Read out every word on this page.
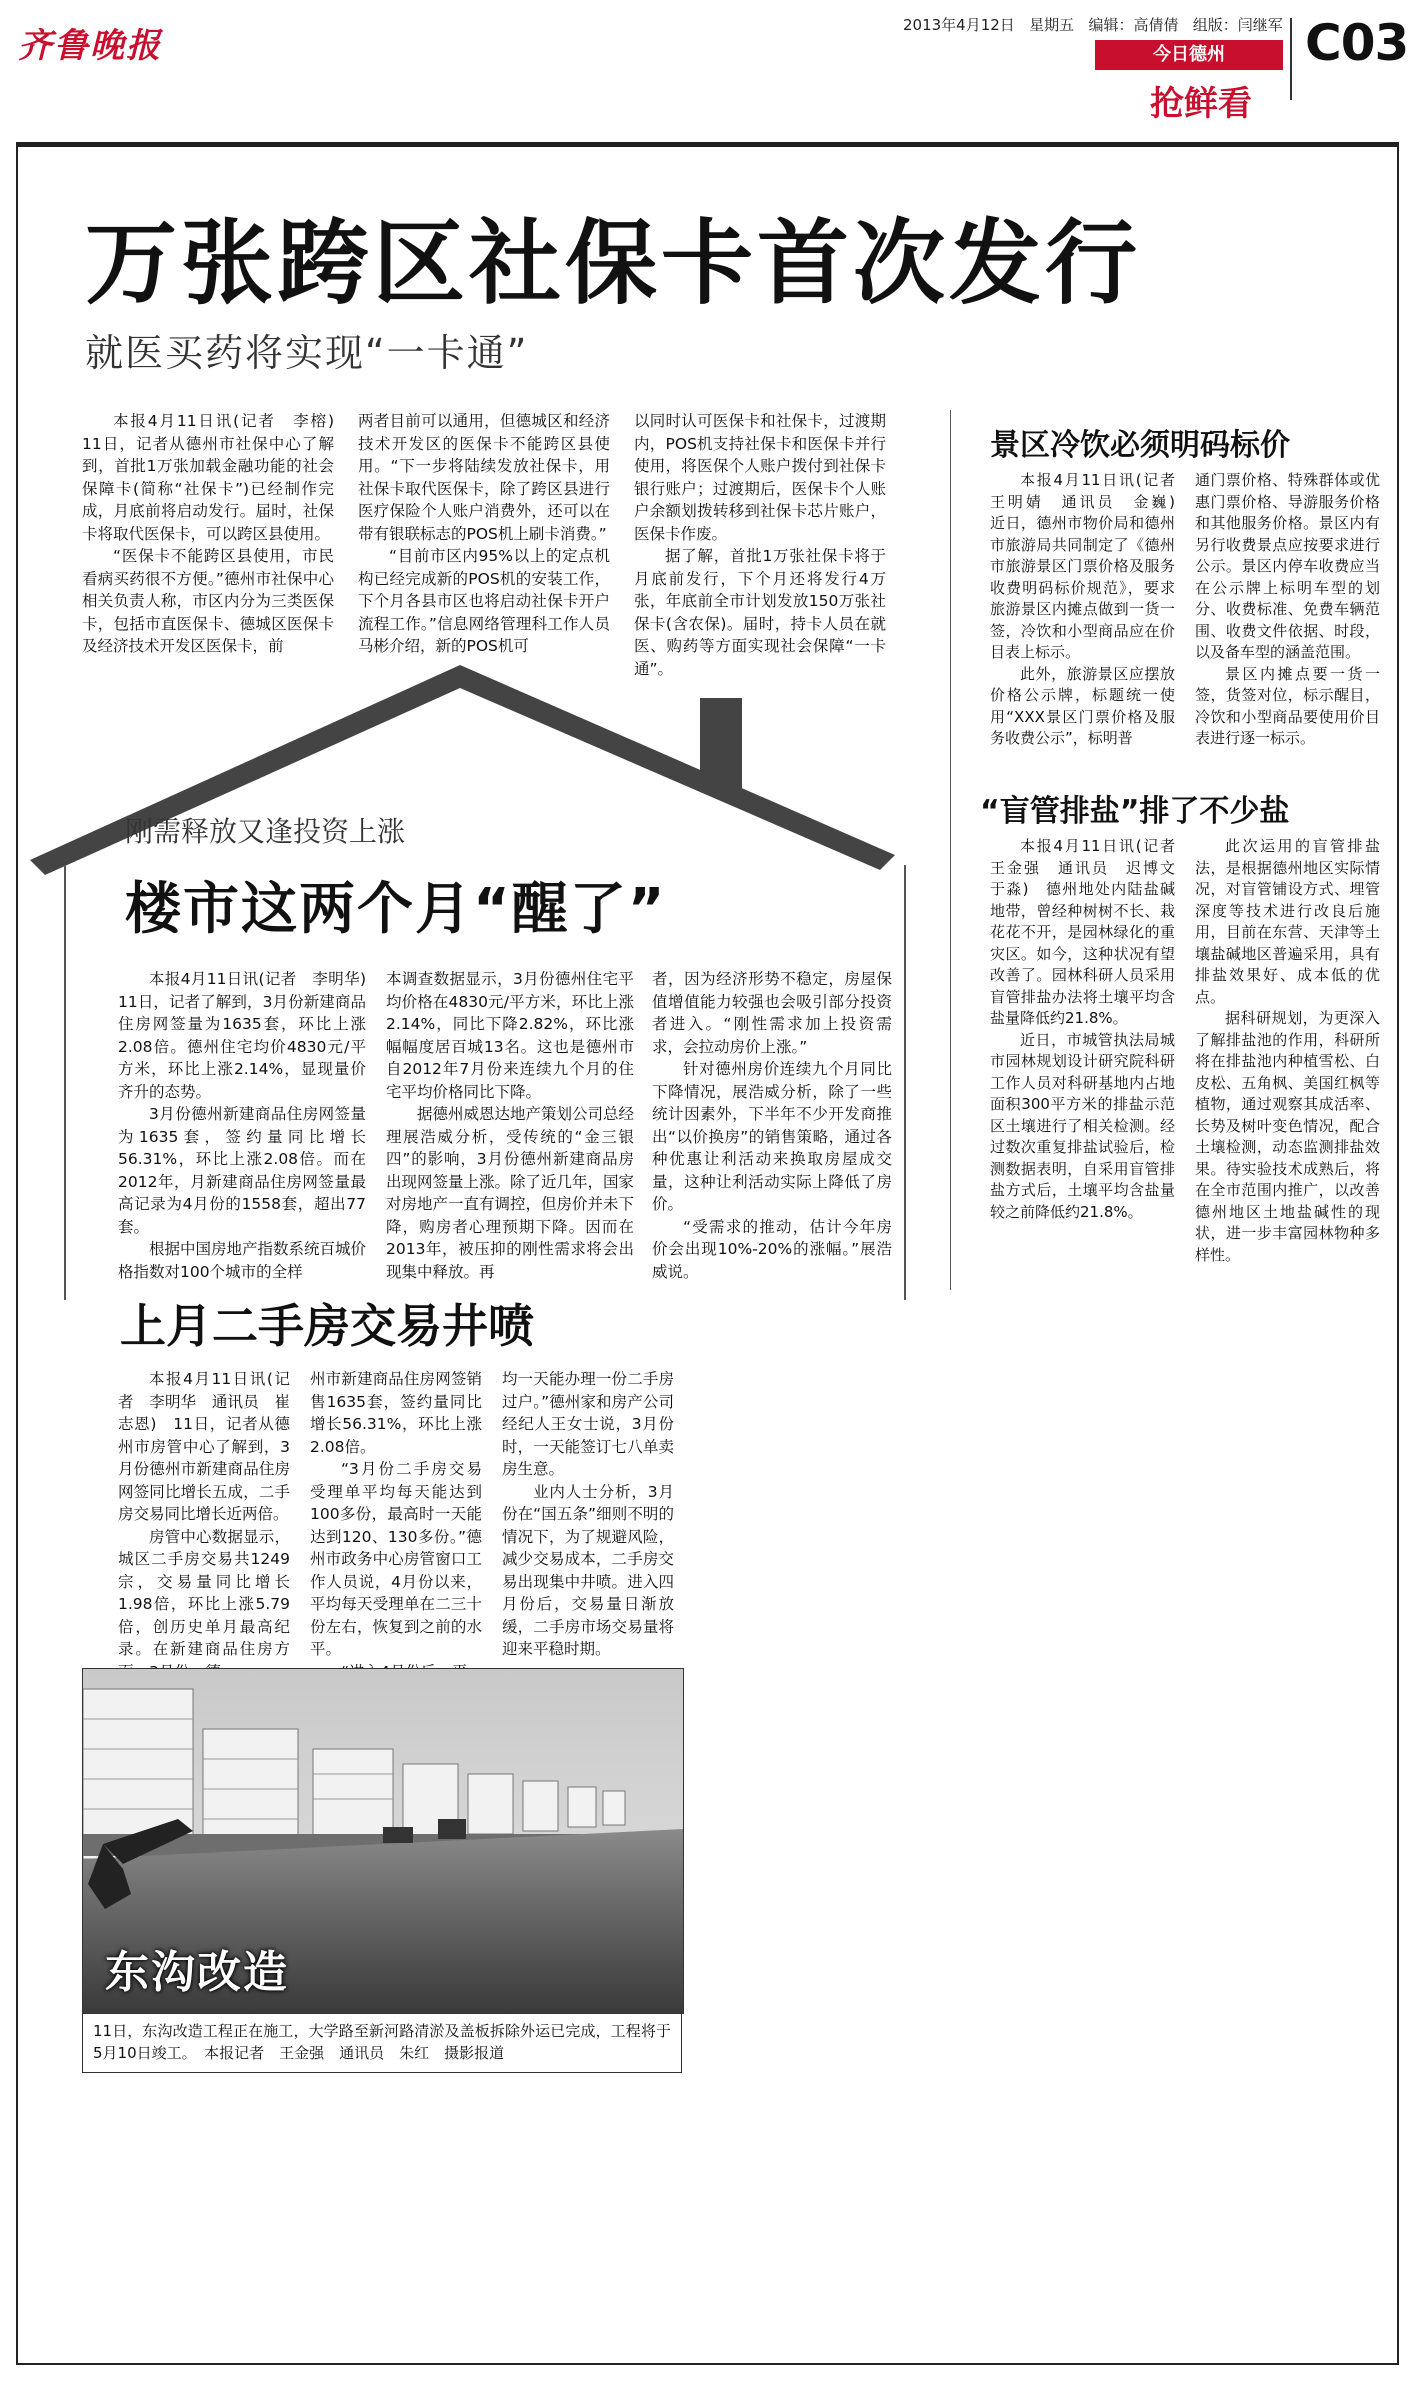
齐鲁晚报
2013年4月12日 星期五 编辑：高倩倩 组版：闫继军
今日德州
抢鲜看
C03
万张跨区社保卡首次发行
就医买药将实现“一卡通”

本报4月11日讯(记者　李榕)　11日，记者从德州市社保中心了解到，首批1万张加载金融功能的社会保障卡(简称“社保卡”)已经制作完成，月底前将启动发行。届时，社保卡将取代医保卡，可以跨区县使用。

“医保卡不能跨区县使用，市民看病买药很不方便。”德州市社保中心相关负责人称，市区内分为三类医保卡，包括市直医保卡、德城区医保卡及经济技术开发区医保卡，前

两者目前可以通用，但德城区和经济技术开发区的医保卡不能跨区县使用。“下一步将陆续发放社保卡，用社保卡取代医保卡，除了跨区县进行医疗保险个人账户消费外，还可以在带有银联标志的POS机上刷卡消费。”

“目前市区内95%以上的定点机构已经完成新的POS机的安装工作，下个月各县市区也将启动社保卡开户流程工作。”信息网络管理科工作人员马彬介绍，新的POS机可

以同时认可医保卡和社保卡，过渡期内，POS机支持社保卡和医保卡并行使用，将医保个人账户拨付到社保卡银行账户；过渡期后，医保卡个人账户余额划拨转移到社保卡芯片账户，医保卡作废。

据了解，首批1万张社保卡将于月底前发行，下个月还将发行4万张，年底前全市计划发放150万张社保卡(含农保)。届时，持卡人员在就医、购药等方面实现社会保障“一卡通”。

景区冷饮必须明码标价

本报4月11日讯(记者　王明婧　通讯员　金巍)　近日，德州市物价局和德州市旅游局共同制定了《德州市旅游景区门票价格及服务收费明码标价规范》，要求旅游景区内摊点做到一货一签，冷饮和小型商品应在价目表上标示。

此外，旅游景区应摆放价格公示牌，标题统一使用“XXX景区门票价格及服务收费公示”，标明普

通门票价格、特殊群体或优惠门票价格、导游服务价格和其他服务价格。景区内有另行收费景点应按要求进行公示。景区内停车收费应当在公示牌上标明车型的划分、收费标准、免费车辆范围、收费文件依据、时段，以及备车型的涵盖范围。

景区内摊点要一货一签，货签对位，标示醒目，冷饮和小型商品要使用价目表进行逐一标示。

“盲管排盐”排了不少盐

本报4月11日讯(记者　王金强　通讯员　迟博文　于淼)　德州地处内陆盐碱地带，曾经种树树不长、栽花花不开，是园林绿化的重灾区。如今，这种状况有望改善了。园林科研人员采用盲管排盐办法将土壤平均含盐量降低约21.8%。

近日，市城管执法局城市园林规划设计研究院科研工作人员对科研基地内占地面积300平方米的排盐示范区土壤进行了相关检测。经过数次重复排盐试验后，检测数据表明，自采用盲管排盐方式后，土壤平均含盐量较之前降低约21.8%。

此次运用的盲管排盐法，是根据德州地区实际情况，对盲管铺设方式、埋管深度等技术进行改良后施用，目前在东营、天津等土壤盐碱地区普遍采用，具有排盐效果好、成本低的优点。

据科研规划，为更深入了解排盐池的作用，科研所将在排盐池内种植雪松、白皮松、五角枫、美国红枫等植物，通过观察其成活率、长势及树叶变色情况，配合土壤检测，动态监测排盐效果。待实验技术成熟后，将在全市范围内推广，以改善德州地区土地盐碱性的现状，进一步丰富园林物种多样性。

刚需释放又逢投资上涨
楼市这两个月“醒了”

本报4月11日讯(记者　李明华)　11日，记者了解到，3月份新建商品住房网签量为1635套，环比上涨2.08倍。德州住宅均价4830元/平方米，环比上涨2.14%，显现量价齐升的态势。

3月份德州新建商品住房网签量为1635套，签约量同比增长56.31%，环比上涨2.08倍。而在2012年，月新建商品住房网签量最高记录为4月份的1558套，超出77套。

根据中国房地产指数系统百城价格指数对100个城市的全样

本调查数据显示，3月份德州住宅平均价格在4830元/平方米，环比上涨2.14%，同比下降2.82%，环比涨幅幅度居百城13名。这也是德州市自2012年7月份来连续九个月的住宅平均价格同比下降。

据德州威恩达地产策划公司总经理展浩威分析，受传统的“金三银四”的影响，3月份德州新建商品房出现网签量上涨。除了近几年，国家对房地产一直有调控，但房价并未下降，购房者心理预期下降。因而在2013年，被压抑的刚性需求将会出现集中释放。再

者，因为经济形势不稳定，房屋保值增值能力较强也会吸引部分投资者进入。“刚性需求加上投资需求，会拉动房价上涨。”

针对德州房价连续九个月同比下降情况，展浩威分析，除了一些统计因素外，下半年不少开发商推出“以价换房”的销售策略，通过各种优惠让利活动来换取房屋成交量，这种让利活动实际上降低了房价。

“受需求的推动，估计今年房价会出现10%-20%的涨幅。”展浩威说。

上月二手房交易井喷

本报4月11日讯(记者　李明华　通讯员　崔志恩)　11日，记者从德州市房管中心了解到，3月份德州市新建商品住房网签同比增长五成，二手房交易同比增长近两倍。

房管中心数据显示，城区二手房交易共1249宗，交易量同比增长1.98倍，环比上涨5.79倍，创历史单月最高纪录。在新建商品住房方

州市新建商品住房网签销售1635套，签约量同比增长56.31%，环比上涨2.08倍。

“3月份二手房交易受理单平均每天能达到100多份，最高时一天能达到120、130多份。”德州市政务中心房管窗口工作人员说，4月份以来，平均每天受理单在二三十份左右，恢复到之前的水平。

均一天能办理一份二手房过户。”德州家和房产公司经纪人王女士说，3月份时，一天能签订七八单卖房生意。

业内人士分析，3月份在“国五条”细则不明的情况下，为了规避风险，减少交易成本，二手房交易出现集中井喷。进入四月份后，交易量日渐放缓，二手房市场交易量将迎来平稳时期。

东沟改造
11日，东沟改造工程正在施工，大学路至新河路清淤及盖板拆除外运已完成，工程将于5月10日竣工。　本报记者　王金强　通讯员　朱红　摄影报道
